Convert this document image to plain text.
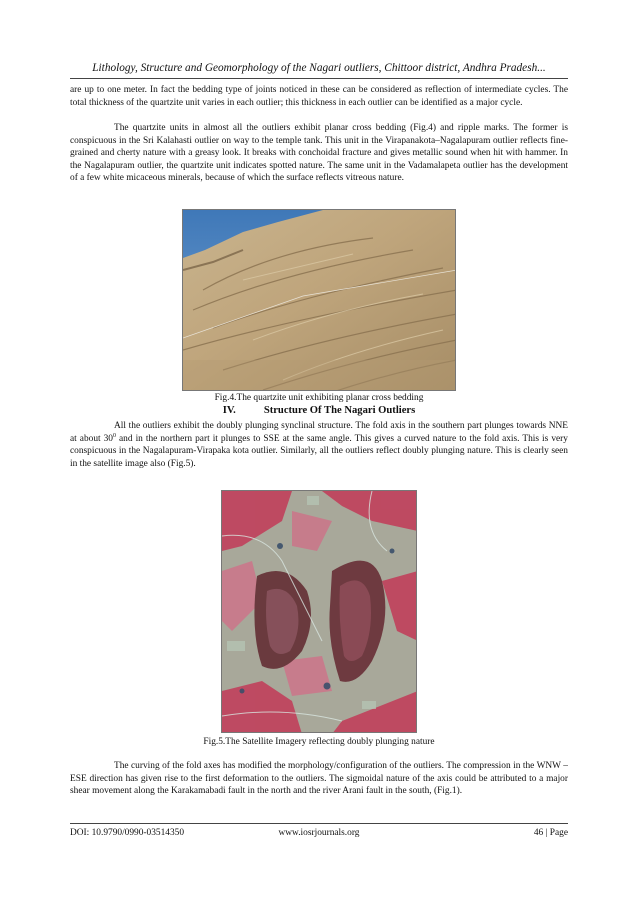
Lithology, Structure and Geomorphology of the Nagari outliers, Chittoor district, Andhra Pradesh...

are up to one meter. In fact the bedding type of joints noticed in these can be considered as reflection of intermediate cycles. The total thickness of the quartzite unit varies in each outlier; this thickness in each outlier can be identified as a major cycle.

The quartzite units in almost all the outliers exhibit planar cross bedding (Fig.4) and ripple marks. The former is conspicuous in the Sri Kalahasti outlier on way to the temple tank. This unit in the Virapanakota–Nagalapuram outlier reflects fine-grained and cherty nature with a greasy look. It breaks with conchoidal fracture and gives metallic sound when hit with hammer. In the Nagalapuram outlier, the quartzite unit indicates spotted nature. The same unit in the Vadamalapeta outlier has the development of a few white micaceous minerals, because of which the surface reflects vitreous nature.

Fig.4.The quartzite unit exhibiting planar cross bedding
IV.	Structure Of The Nagari Outliers

All the outliers exhibit the doubly plunging synclinal structure. The fold axis in the southern part plunges towards NNE at about $30^0$ and in the northern part it plunges to SSE at the same angle. This gives a curved nature to the fold axis. This is very conspicuous in the Nagalapuram-Virapaka kota outlier. Similarly, all the outliers reflect doubly plunging nature. This is clearly seen in the satellite image also (Fig.5).

Fig.5.The Satellite Imagery reflecting doubly plunging nature

The curving of the fold axes has modified the morphology/configuration of the outliers. The compression in the WNW – ESE direction has given rise to the first deformation to the outliers. The sigmoidal nature of the axis could be attributed to a major shear movement along the Karakamabadi fault in the north and the river Arani fault in the south, (Fig.1).

DOI: 10.9790/0990-03514350	www.iosrjournals.org	46 | Page
